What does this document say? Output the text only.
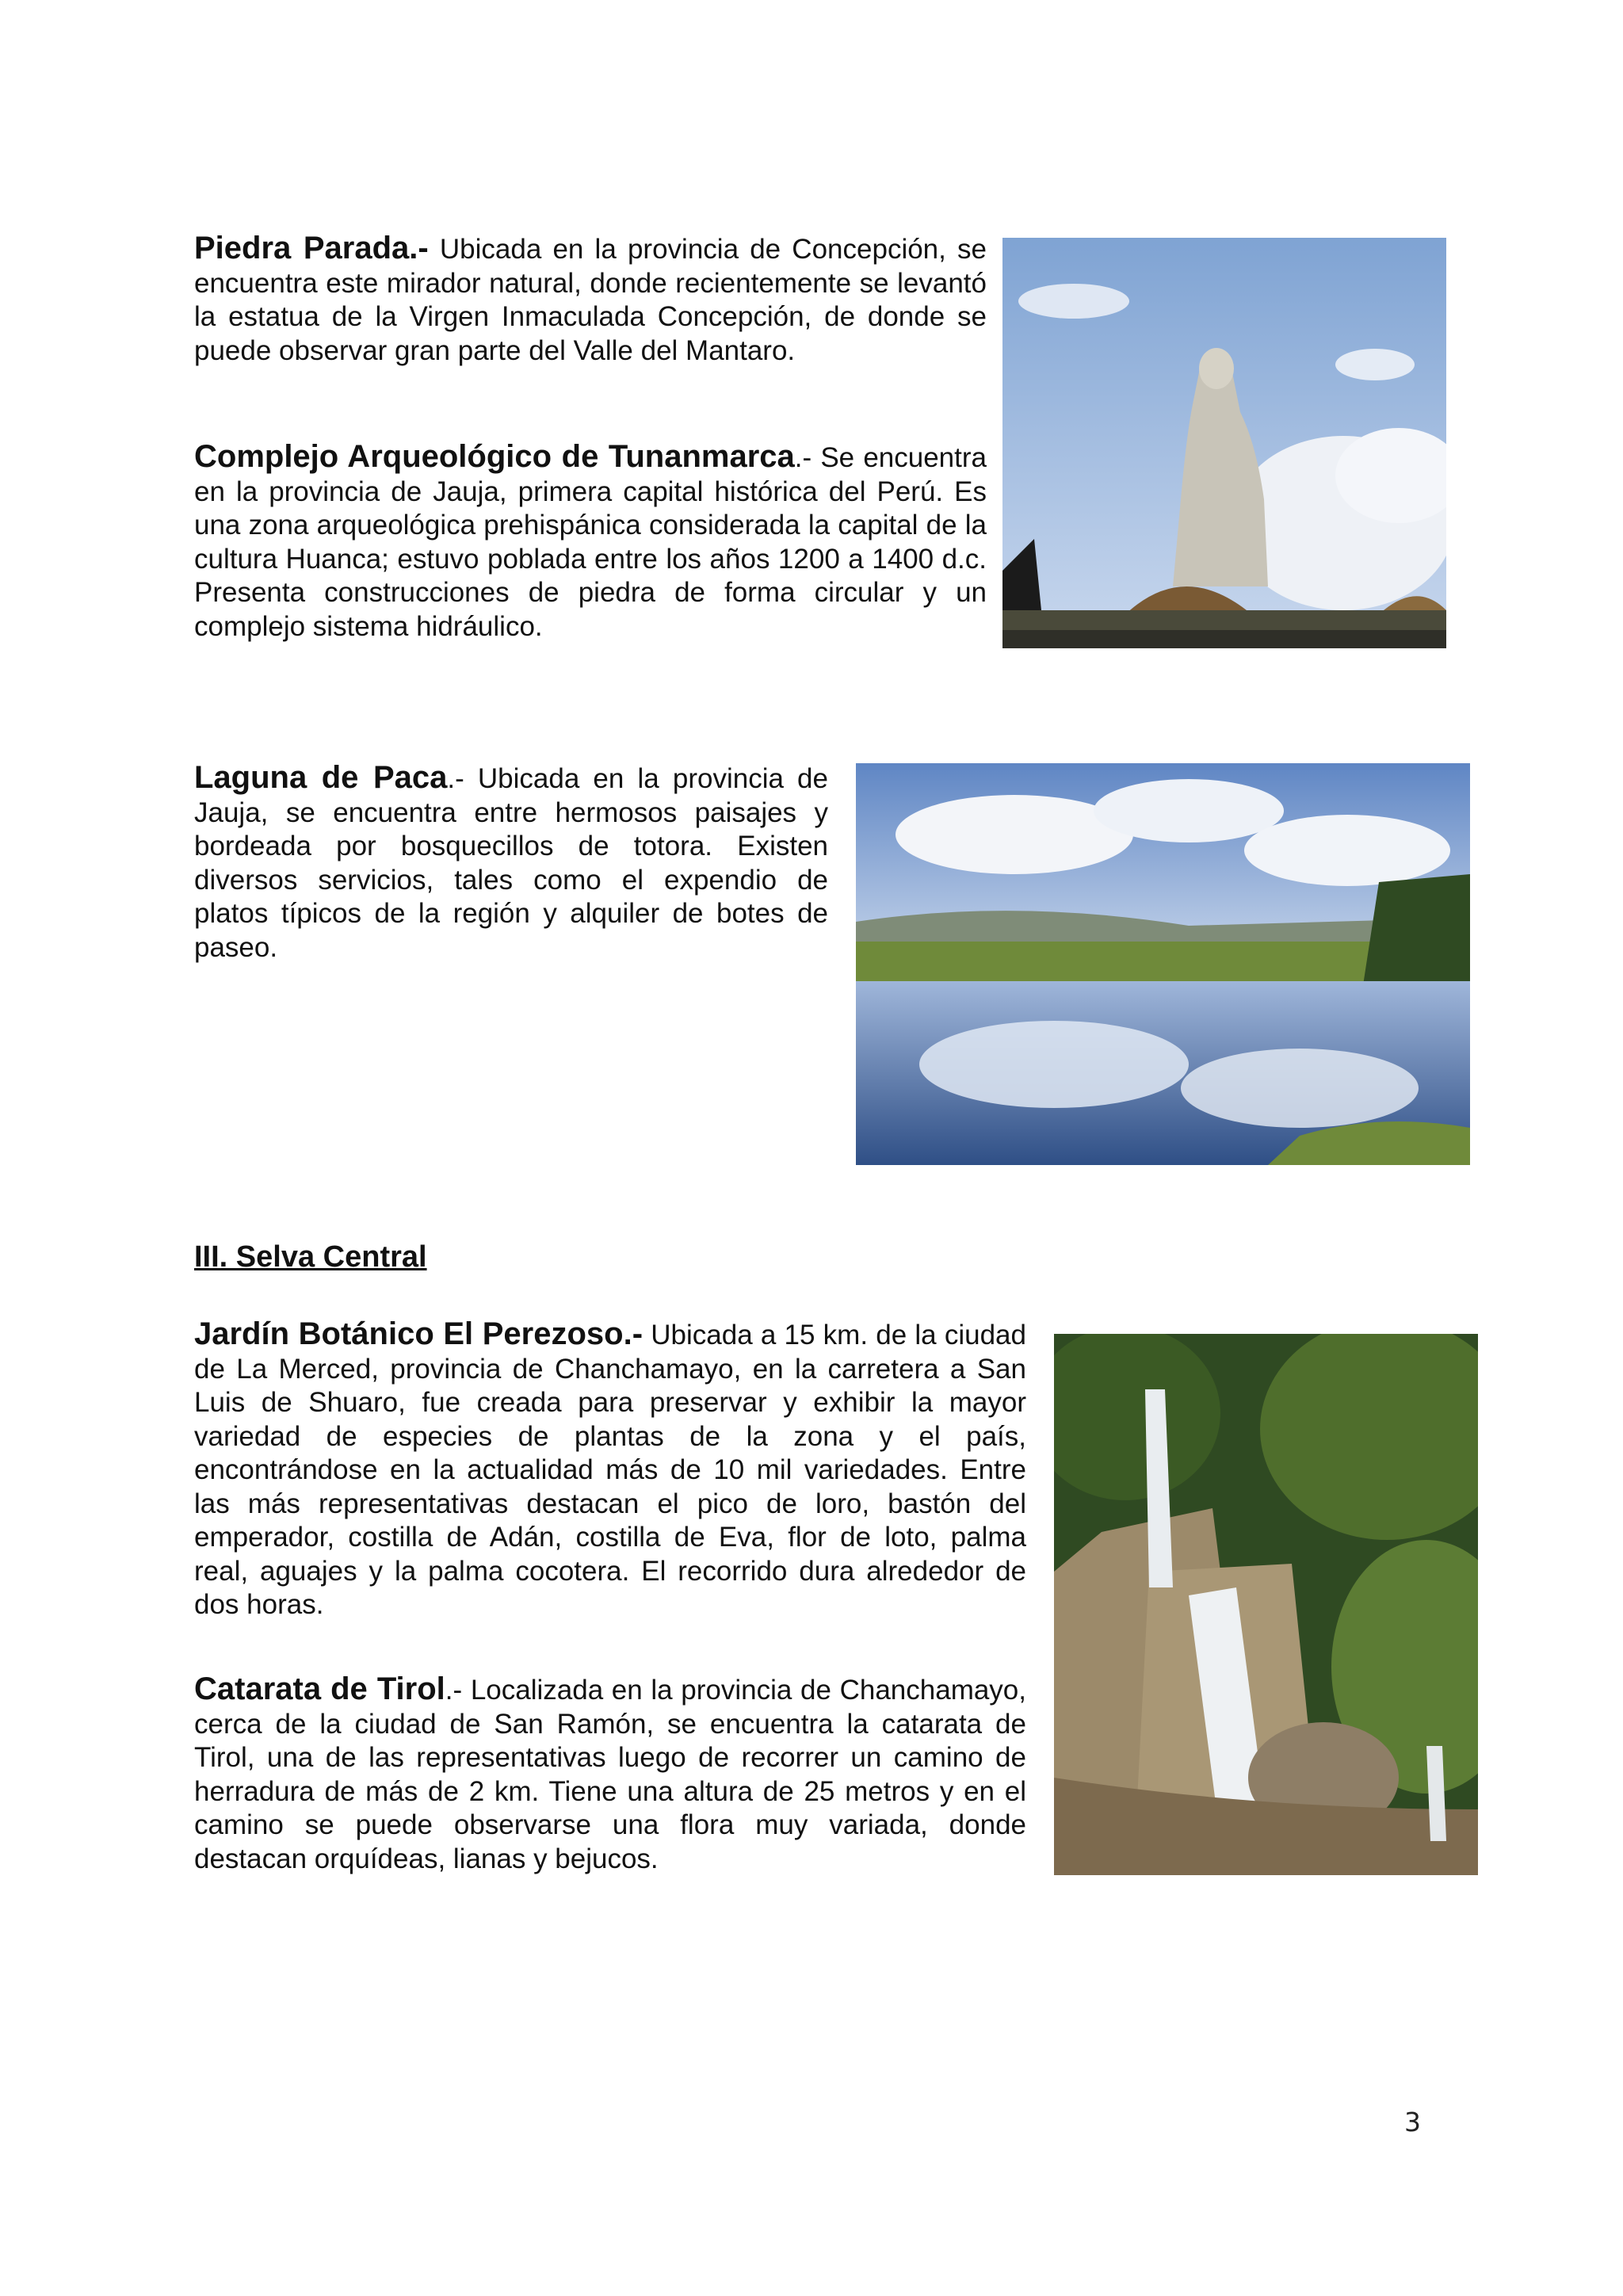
Piedra Parada.- Ubicada en la provincia de Concepción, se encuentra este mirador natural, donde recientemente se levantó la estatua de la Virgen Inmaculada Concepción, de donde se puede observar gran parte del Valle del Mantaro.

Complejo Arqueológico de Tunanmarca.- Se encuentra en la provincia de Jauja, primera capital histórica del Perú. Es una zona arqueológica prehispánica considerada la capital de la cultura Huanca; estuvo poblada entre los años 1200 a 1400 d.c. Presenta construcciones de piedra de forma circular y un complejo sistema hidráulico.

Laguna de Paca.- Ubicada en la provincia de Jauja, se encuentra entre hermosos paisajes y bordeada por bosquecillos de totora. Existen diversos servicios, tales como el expendio de platos típicos de la región y alquiler de botes de paseo.

III. Selva Central

Jardín Botánico El Perezoso.- Ubicada a 15 km. de la ciudad de La Merced, provincia de Chanchamayo, en la carretera a San Luis de Shuaro, fue creada para preservar y exhibir la mayor variedad de especies de plantas de la zona y el país, encontrándose en la actualidad más de 10 mil variedades. Entre las más representativas destacan el pico de loro, bastón del emperador, costilla de Adán, costilla de Eva, flor de loto, palma real, aguajes y la palma cocotera. El recorrido dura alrededor de dos horas.

Catarata de Tirol.- Localizada en la provincia de Chanchamayo, cerca de la ciudad de San Ramón, se encuentra la catarata de Tirol, una de las representativas luego de recorrer un camino de herradura de más de 2 km. Tiene una altura de 25 metros y en el camino se puede observarse una flora muy variada, donde destacan orquídeas, lianas y bejucos.

3
